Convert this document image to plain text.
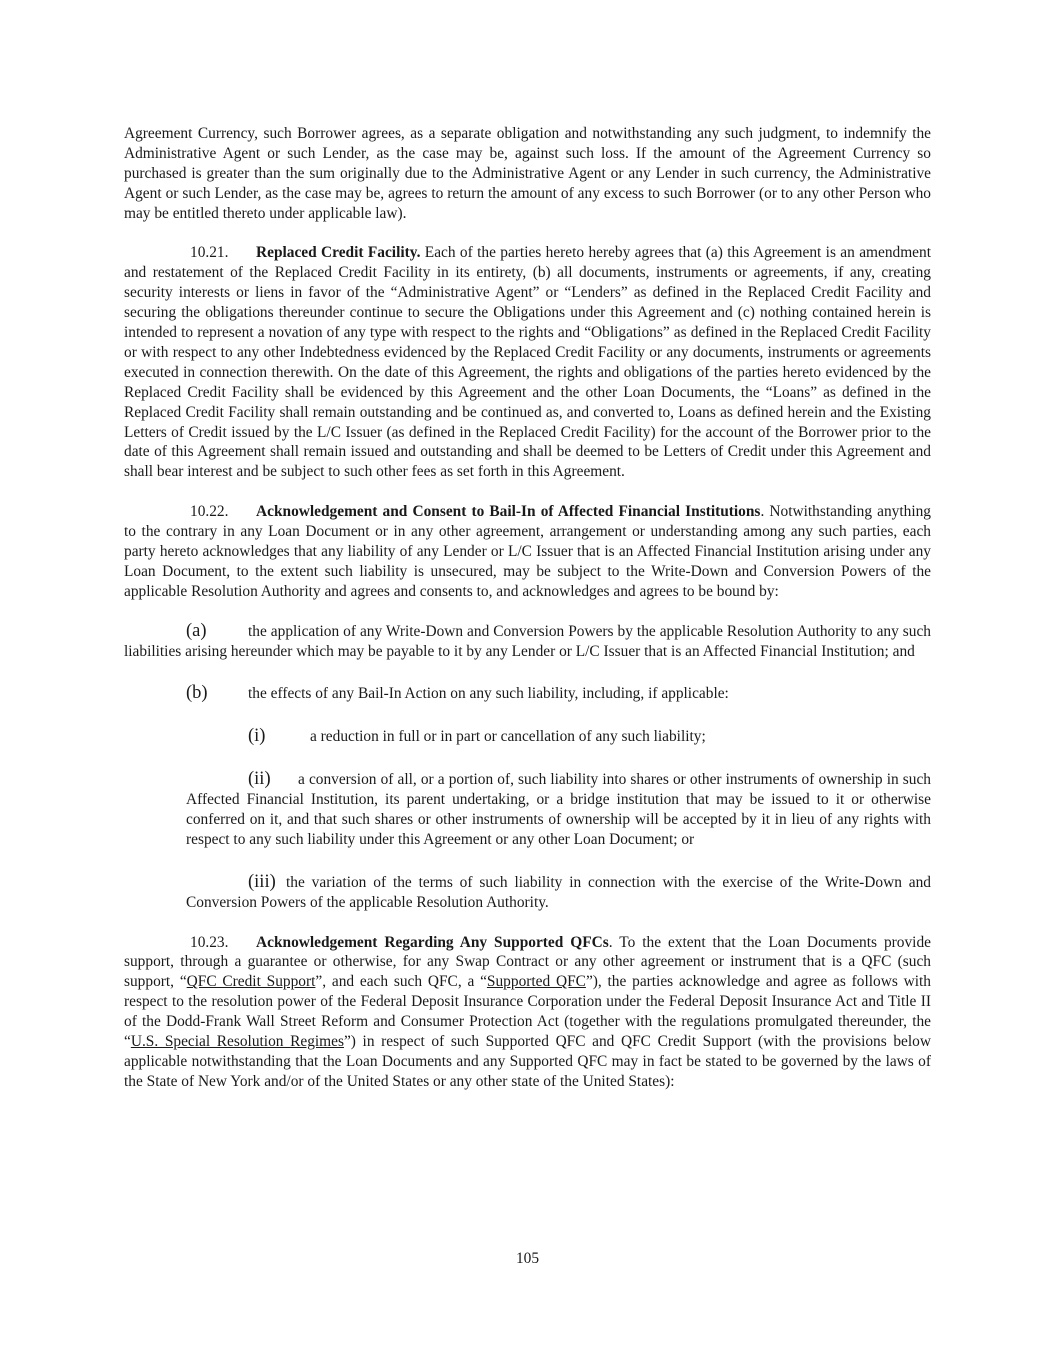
Agreement Currency, such Borrower agrees, as a separate obligation and notwithstanding any such judgment, to indemnify the Administrative Agent or such Lender, as the case may be, against such loss. If the amount of the Agreement Currency so purchased is greater than the sum originally due to the Administrative Agent or any Lender in such currency, the Administrative Agent or such Lender, as the case may be, agrees to return the amount of any excess to such Borrower (or to any other Person who may be entitled thereto under applicable law).

10.21. Replaced Credit Facility. Each of the parties hereto hereby agrees that (a) this Agreement is an amendment and restatement of the Replaced Credit Facility in its entirety, (b) all documents, instruments or agreements, if any, creating security interests or liens in favor of the “Administrative Agent” or “Lenders” as defined in the Replaced Credit Facility and securing the obligations thereunder continue to secure the Obligations under this Agreement and (c) nothing contained herein is intended to represent a novation of any type with respect to the rights and “Obligations” as defined in the Replaced Credit Facility or with respect to any other Indebtedness evidenced by the Replaced Credit Facility or any documents, instruments or agreements executed in connection therewith. On the date of this Agreement, the rights and obligations of the parties hereto evidenced by the Replaced Credit Facility shall be evidenced by this Agreement and the other Loan Documents, the “Loans” as defined in the Replaced Credit Facility shall remain outstanding and be continued as, and converted to, Loans as defined herein and the Existing Letters of Credit issued by the L/C Issuer (as defined in the Replaced Credit Facility) for the account of the Borrower prior to the date of this Agreement shall remain issued and outstanding and shall be deemed to be Letters of Credit under this Agreement and shall bear interest and be subject to such other fees as set forth in this Agreement.

10.22. Acknowledgement and Consent to Bail-In of Affected Financial Institutions. Notwithstanding anything to the contrary in any Loan Document or in any other agreement, arrangement or understanding among any such parties, each party hereto acknowledges that any liability of any Lender or L/C Issuer that is an Affected Financial Institution arising under any Loan Document, to the extent such liability is unsecured, may be subject to the Write-Down and Conversion Powers of the applicable Resolution Authority and agrees and consents to, and acknowledges and agrees to be bound by:

(a)	the application of any Write-Down and Conversion Powers by the applicable Resolution Authority to any such liabilities arising hereunder which may be payable to it by any Lender or L/C Issuer that is an Affected Financial Institution; and

(b)	the effects of any Bail-In Action on any such liability, including, if applicable:

(i)	a reduction in full or in part or cancellation of any such liability;

(ii) a conversion of all, or a portion of, such liability into shares or other instruments of ownership in such Affected Financial Institution, its parent undertaking, or a bridge institution that may be issued to it or otherwise conferred on it, and that such shares or other instruments of ownership will be accepted by it in lieu of any rights with respect to any such liability under this Agreement or any other Loan Document; or

(iii) the variation of the terms of such liability in connection with the exercise of the Write-Down and Conversion Powers of the applicable Resolution Authority.

10.23. Acknowledgement Regarding Any Supported QFCs. To the extent that the Loan Documents provide support, through a guarantee or otherwise, for any Swap Contract or any other agreement or instrument that is a QFC (such support, “QFC Credit Support”, and each such QFC, a “Supported QFC”), the parties acknowledge and agree as follows with respect to the resolution power of the Federal Deposit Insurance Corporation under the Federal Deposit Insurance Act and Title II of the Dodd-Frank Wall Street Reform and Consumer Protection Act (together with the regulations promulgated thereunder, the “U.S. Special Resolution Regimes”) in respect of such Supported QFC and QFC Credit Support (with the provisions below applicable notwithstanding that the Loan Documents and any Supported QFC may in fact be stated to be governed by the laws of the State of New York and/or of the United States or any other state of the United States):

105
